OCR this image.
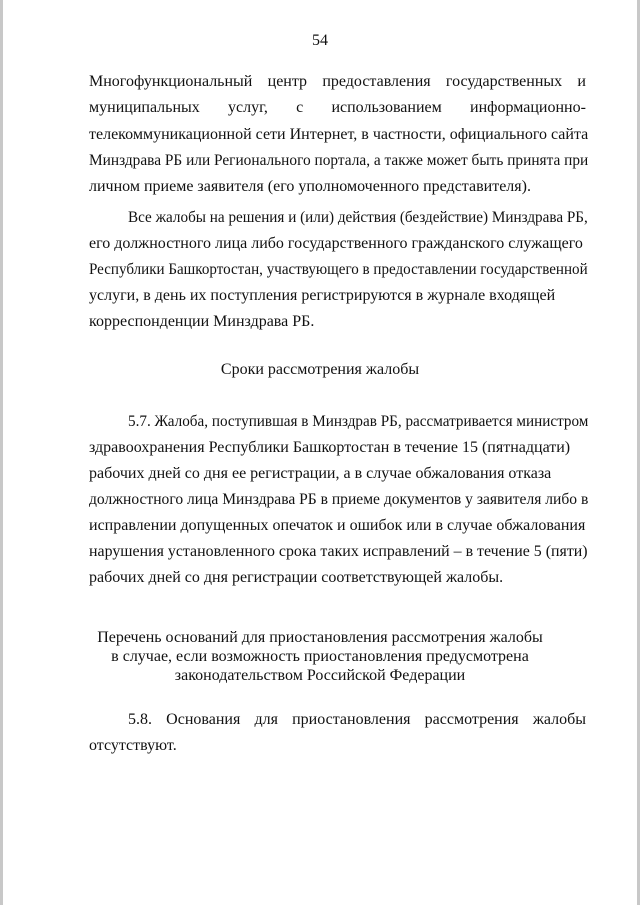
54
Многофункциональный центр предоставления государственных и
муниципальных услуг, с использованием информационно-
телекоммуникационной сети Интернет, в частности, официального сайта
Минздрава РБ или Регионального портала, а также может быть принята при
личном приеме заявителя (его уполномоченного представителя).
Все жалобы на решения и (или) действия (бездействие) Минздрава РБ,
его должностного лица либо государственного гражданского служащего
Республики Башкортостан, участвующего в предоставлении государственной
услуги, в день их поступления регистрируются в журнале входящей
корреспонденции Минздрава РБ.
Сроки рассмотрения жалобы
5.7. Жалоба, поступившая в Минздрав РБ, рассматривается министром
здравоохранения Республики Башкортостан в течение 15 (пятнадцати)
рабочих дней со дня ее регистрации, а в случае обжалования отказа
должностного лица Минздрава РБ в приеме документов у заявителя либо в
исправлении допущенных опечаток и ошибок или в случае обжалования
нарушения установленного срока таких исправлений – в течение 5 (пяти)
рабочих дней со дня регистрации соответствующей жалобы.
Перечень оснований для приостановления рассмотрения жалобы
в случае, если возможность приостановления предусмотрена
законодательством Российской Федерации
5.8. Основания для приостановления рассмотрения жалобы
отсутствуют.
